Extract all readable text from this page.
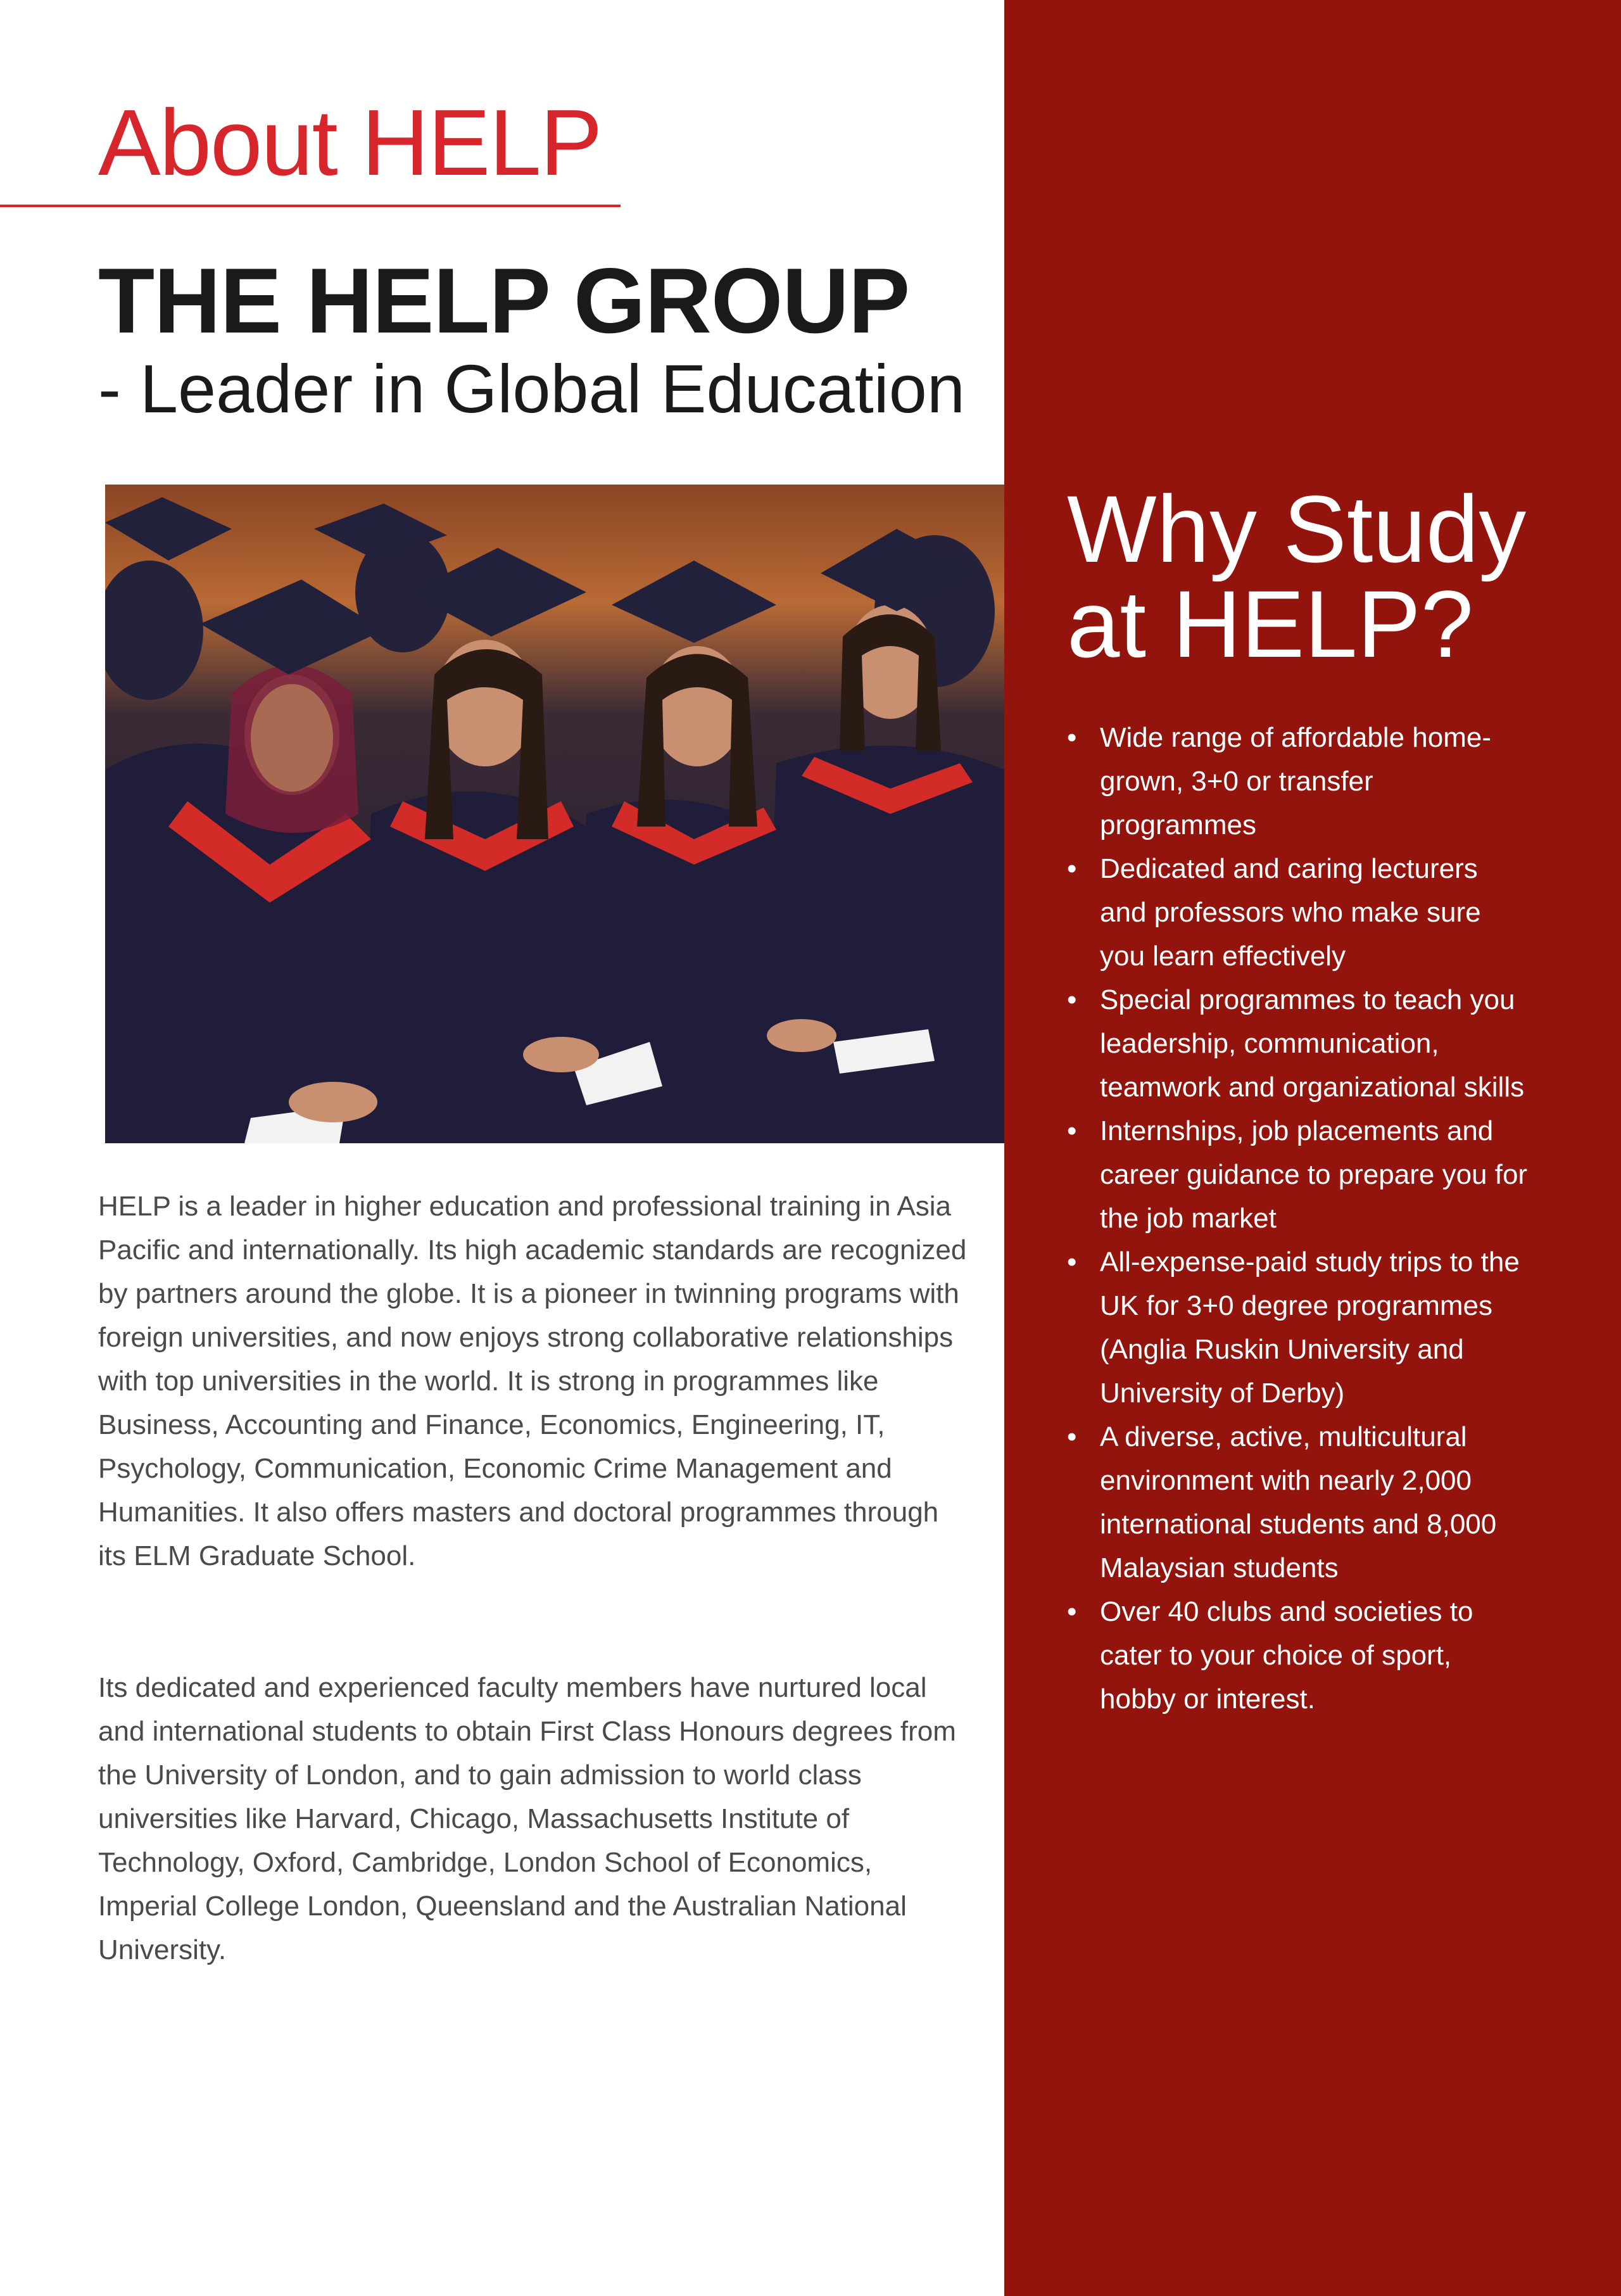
About HELP
THE HELP GROUP
- Leader in Global Education

HELP is a leader in higher education and professional training in Asia Pacific and internationally. Its high academic standards are recognized by partners around the globe. It is a pioneer in twinning programs with foreign universities, and now enjoys strong collaborative relationships with top universities in the world. It is strong in programmes like Business, Accounting and Finance, Economics, Engineering, IT, Psychology, Communication, Economic Crime Management and Humanities. It also offers masters and doctoral programmes through its ELM Graduate School.

Its dedicated and experienced faculty members have nurtured local and international students to obtain First Class Honours degrees from the University of London, and to gain admission to world class universities like Harvard, Chicago, Massachusetts Institute of Technology, Oxford, Cambridge, London School of Economics, Imperial College London, Queensland and the Australian National University.

Why Study
at HELP?
• Wide range of affordable home-grown, 3+0 or transfer programmes
• Dedicated and caring lecturers and professors who make sure you learn effectively
• Special programmes to teach you leadership, communication, teamwork and organizational skills
• Internships, job placements and career guidance to prepare you for the job market
• All-expense-paid study trips to the UK for 3+0 degree programmes (Anglia Ruskin University and University of Derby)
• A diverse, active, multicultural environment with nearly 2,000 international students and 8,000 Malaysian students
• Over 40 clubs and societies to cater to your choice of sport, hobby or interest.
